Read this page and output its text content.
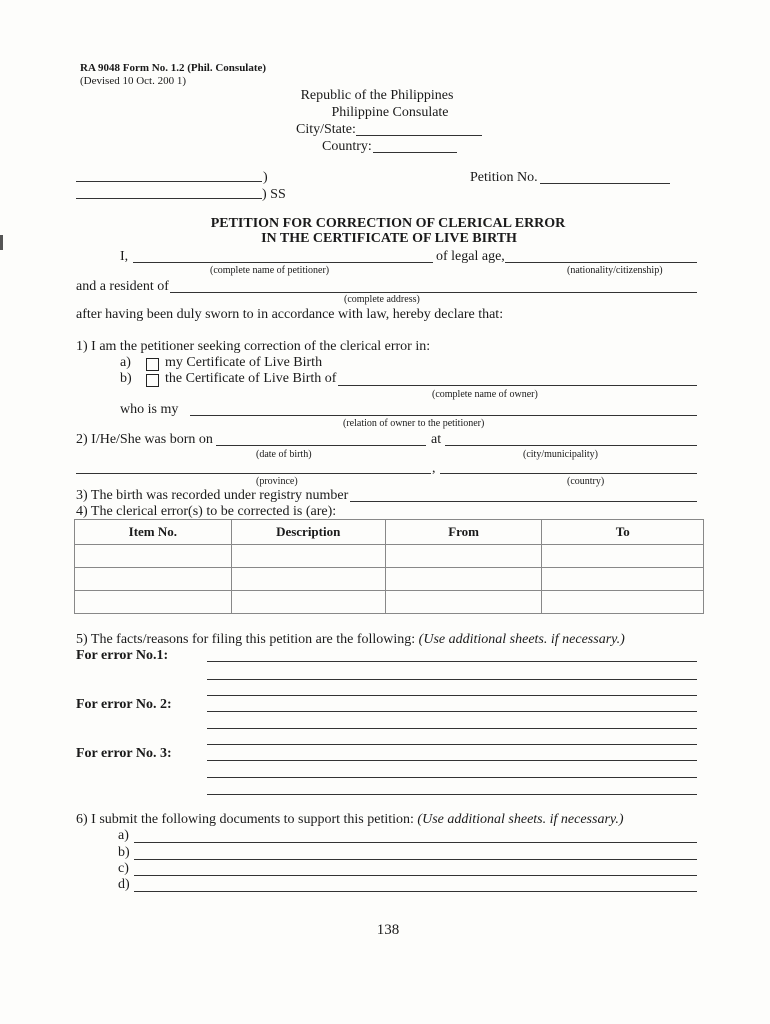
RA 9048 Form No. 1.2 (Phil. Consulate)
(Devised 10 Oct. 200 1)
Republic of the Philippines
Philippine Consulate
City/State:
Country:
)
) SS
Petition No.
PETITION FOR CORRECTION OF CLERICAL ERROR
IN THE CERTIFICATE OF LIVE BIRTH
I,	of legal age,
(complete name of petitioner)	(nationality/citizenship)
and a resident of
(complete address)
after having been duly sworn to in accordance with law, hereby declare that:
1) I am the petitioner seeking correction of the clerical error in:
a) my Certificate of Live Birth
b) the Certificate of Live Birth of
(complete name of owner)
who is my
(relation of owner to the petitioner)
2) I/He/She was born on	at
(date of birth)	(city/municipality)
,
(province)	(country)
3) The birth was recorded under registry number
4) The clerical error(s) to be corrected is (are):
Item No.	Description	From	To

5) The facts/reasons for filing this petition are the following: (Use additional sheets. if necessary.)
For error No.1:
For error No. 2:
For error No. 3:
6) I submit the following documents to support this petition: (Use additional sheets. if necessary.)
a)
b)
c)
d)
138
